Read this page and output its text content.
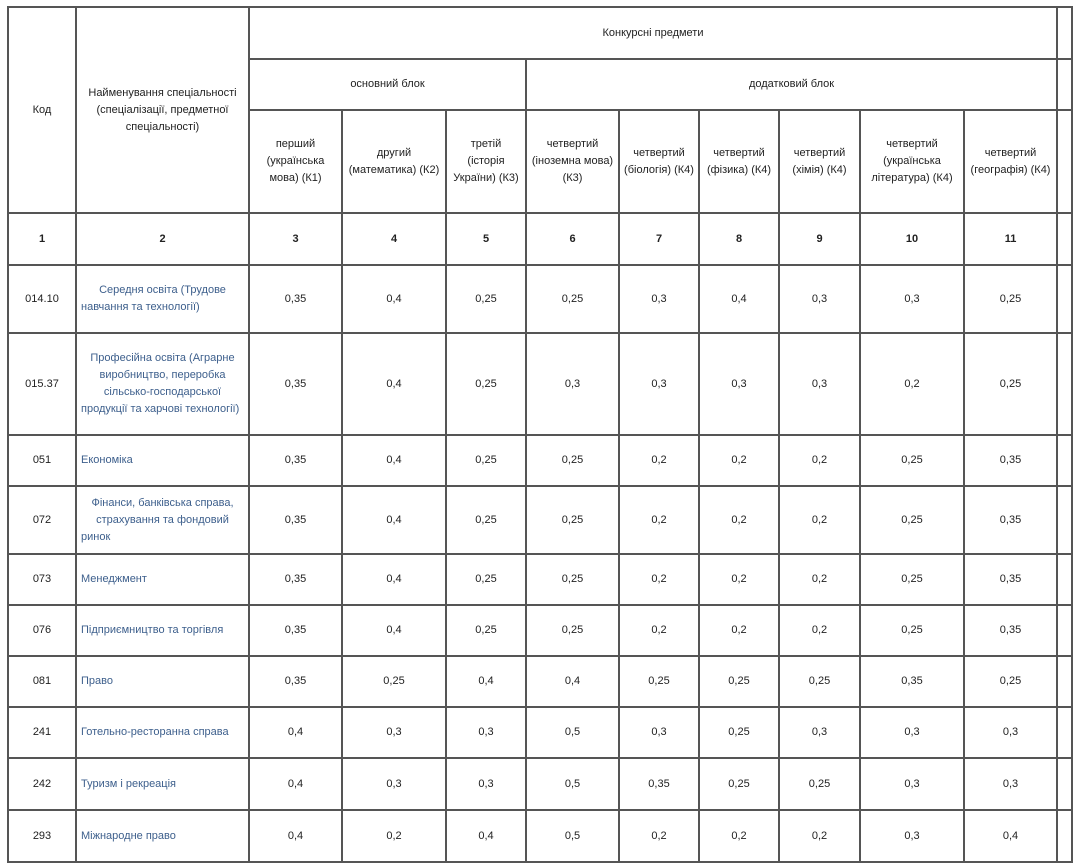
Код	Найменування спеціальності (спеціалізації, предметної спеціальності)	Конкурсні предмети									
		основний блок			додатковий блок						
		перший (українська мова) (К1)	другий (математика) (К2)	третій (історія України) (К3)	четвертий (іноземна мова) (К3)	четвертий (біологія) (К4)	четвертий (фізика) (К4)	четвертий (хімія) (К4)	четвертий (українська література) (К4)	четвертий (географія) (К4)	
1	2	3	4	5	6	7	8	9	10	11	
014.10	Середня освіта (Трудове навчання та технології)	0,35	0,4	0,25	0,25	0,3	0,4	0,3	0,3	0,25	
015.37	Професійна освіта (Аграрне виробництво, переробка сільсько-господарської продукції та харчові технології)	0,35	0,4	0,25	0,3	0,3	0,3	0,3	0,2	0,25	
051	Економіка	0,35	0,4	0,25	0,25	0,2	0,2	0,2	0,25	0,35	
072	Фінанси, банківська справа, страхування та фондовий ринок	0,35	0,4	0,25	0,25	0,2	0,2	0,2	0,25	0,35	
073	Менеджмент	0,35	0,4	0,25	0,25	0,2	0,2	0,2	0,25	0,35	
076	Підприємництво та торгівля	0,35	0,4	0,25	0,25	0,2	0,2	0,2	0,25	0,35	
081	Право	0,35	0,25	0,4	0,4	0,25	0,25	0,25	0,35	0,25	
241	Готельно-ресторанна справа	0,4	0,3	0,3	0,5	0,3	0,25	0,3	0,3	0,3	
242	Туризм і рекреація	0,4	0,3	0,3	0,5	0,35	0,25	0,25	0,3	0,3	
293	Міжнародне право	0,4	0,2	0,4	0,5	0,2	0,2	0,2	0,3	0,4	
